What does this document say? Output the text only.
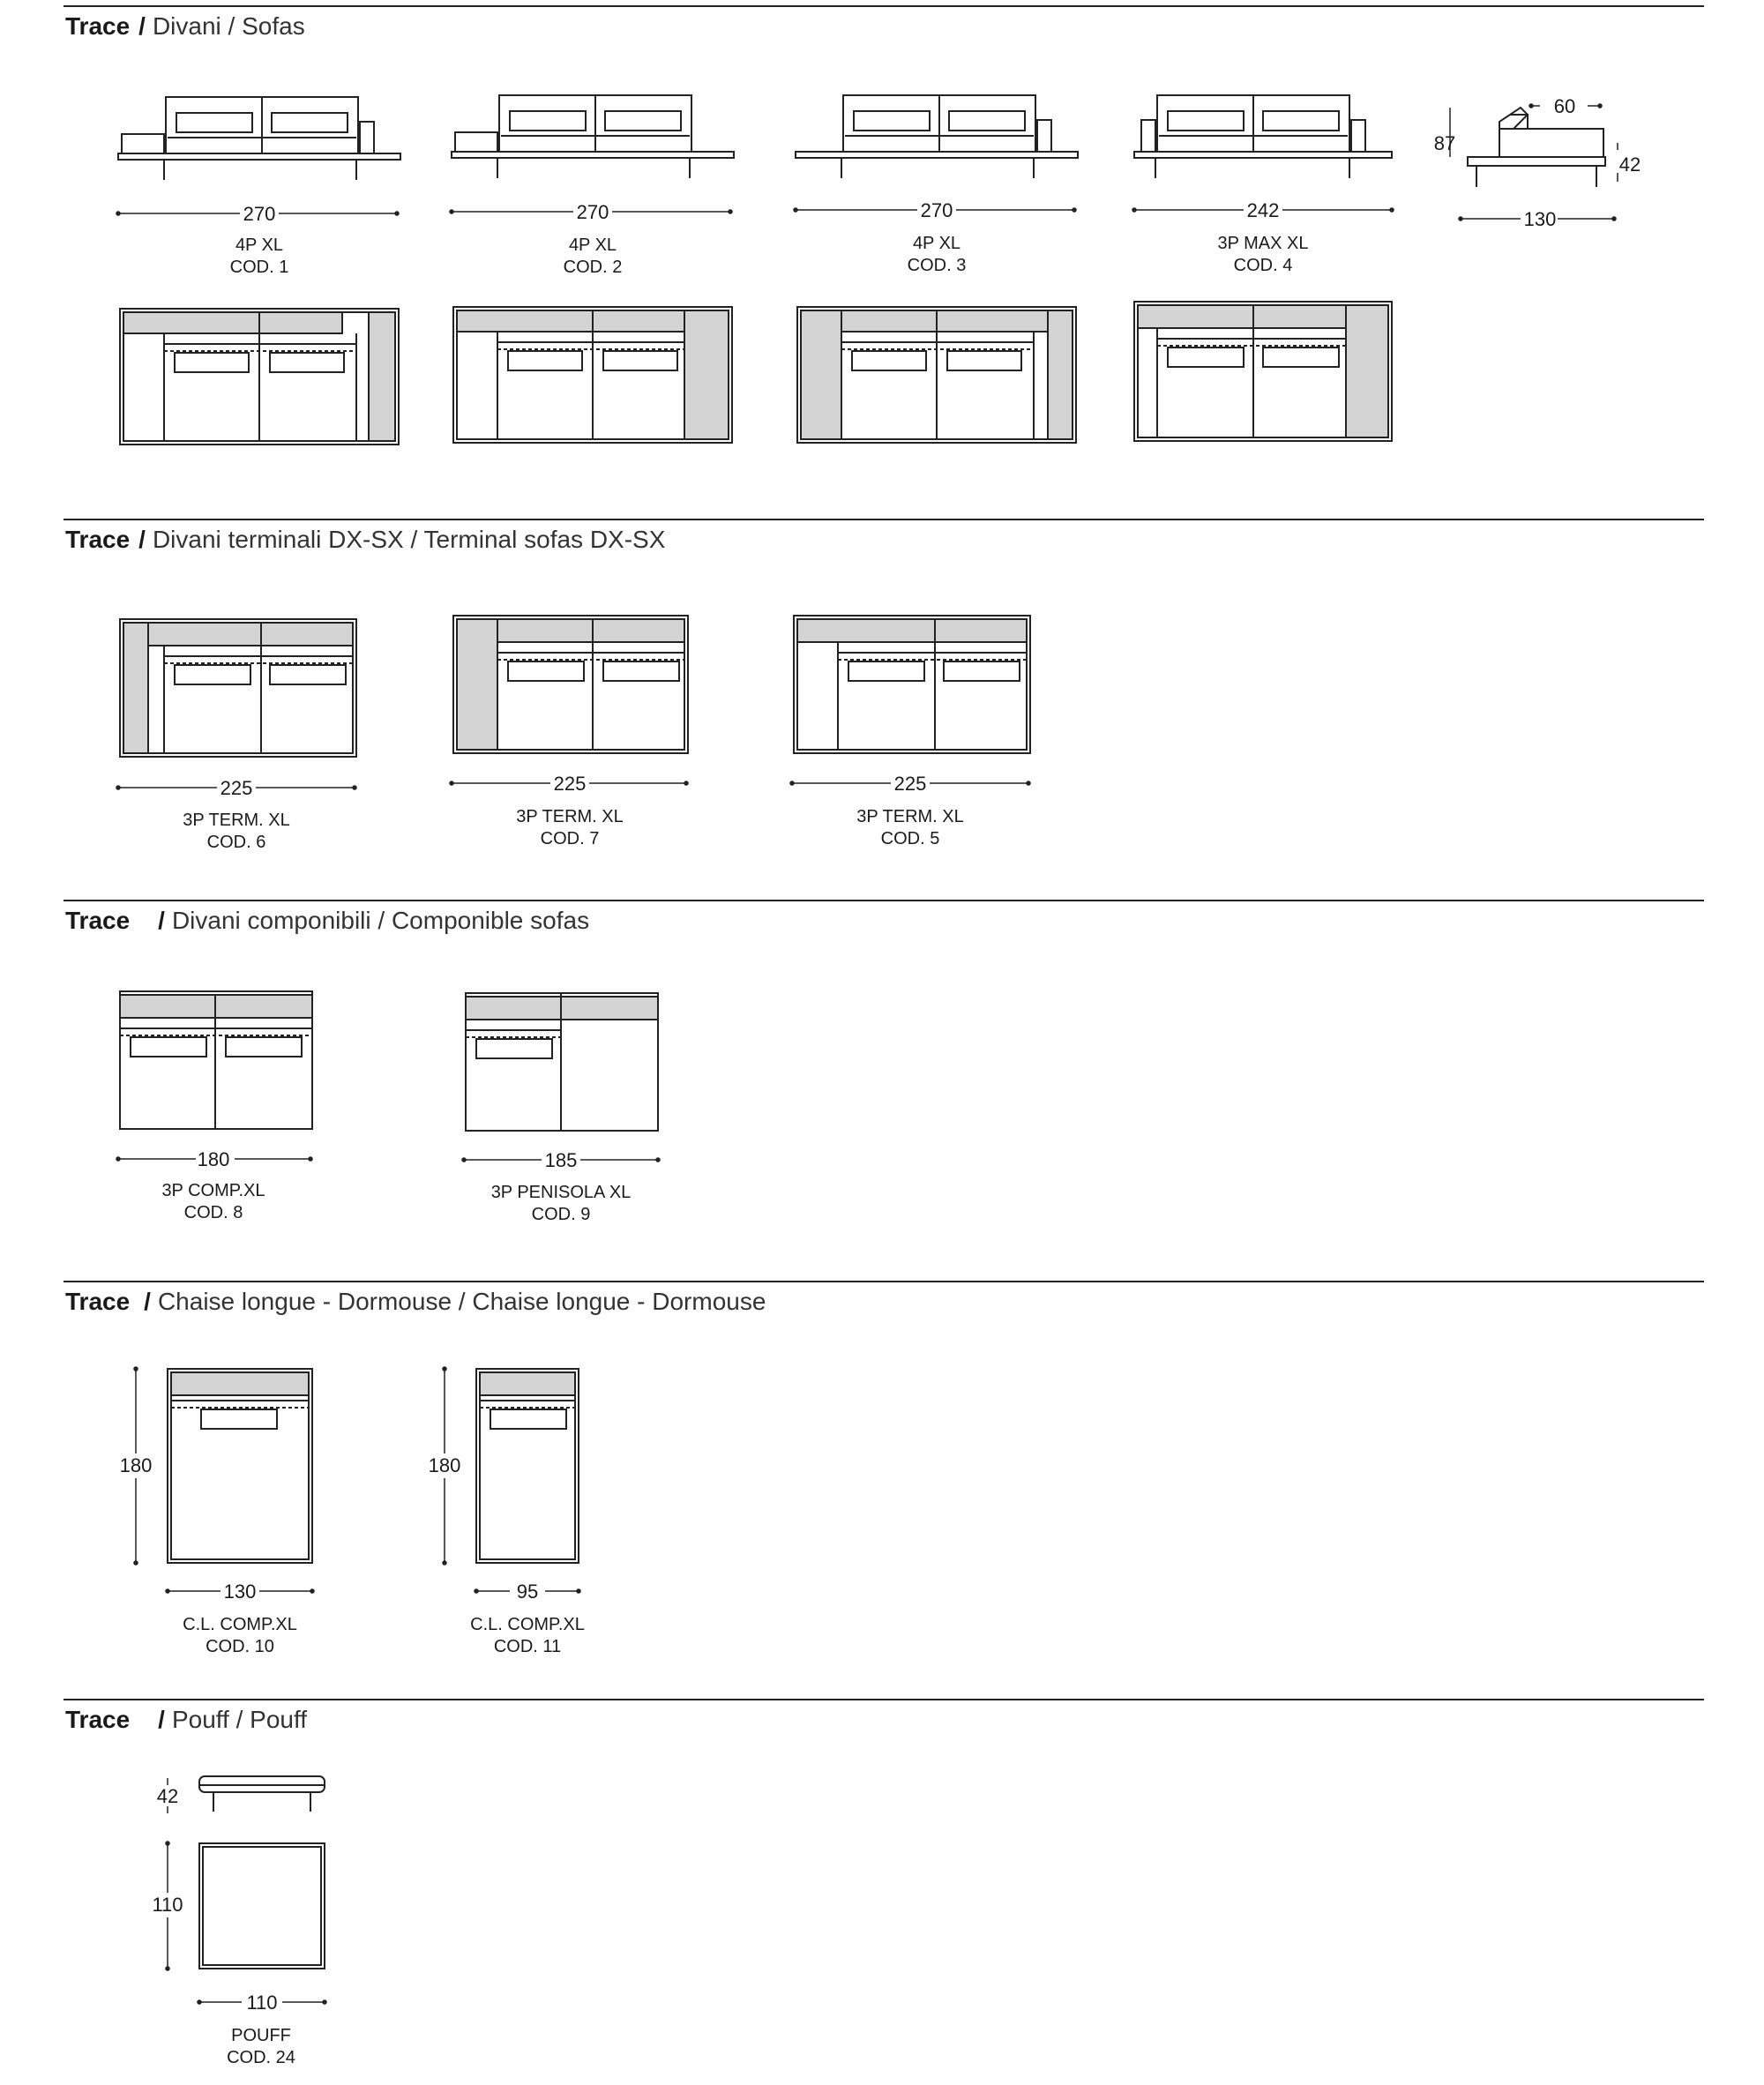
Trace / Divani / Sofas
270
4P XL
COD. 1
270
4P XL
COD. 2
270
4P XL
COD. 3
242
3P MAX XL
COD. 4
87
60
42
130
Trace / Divani terminali DX-SX / Terminal sofas DX-SX
225
3P TERM. XL
COD. 6
225
3P TERM. XL
COD. 7
225
3P TERM. XL
COD. 5
Trace / Divani componibili / Componible sofas
180
3P COMP.XL
COD. 8
185
3P PENISOLA XL
COD. 9
Trace / Chaise longue - Dormouse / Chaise longue - Dormouse
180
130
C.L. COMP.XL
COD. 10
180
95
C.L. COMP.XL
COD. 11
Trace / Pouff / Pouff
42
110
110
POUFF
COD. 24
